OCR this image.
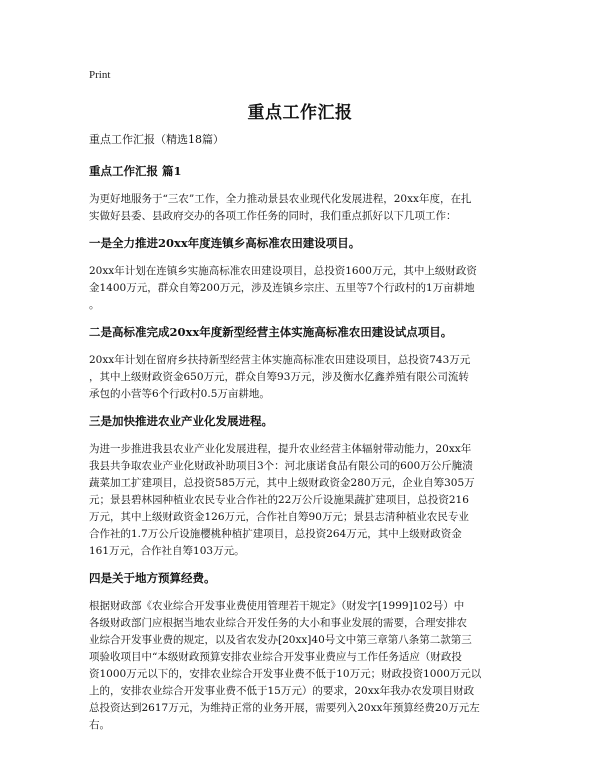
Print
重点工作汇报
重点工作汇报（精选18篇）
重点工作汇报 篇1
为更好地服务于“三农”工作，全力推动景县农业现代化发展进程，20xx年度，在扎
实做好县委、县政府交办的各项工作任务的同时，我们重点抓好以下几项工作：
一是全力推进20xx年度连镇乡高标准农田建设项目。
20xx年计划在连镇乡实施高标准农田建设项目，总投资1600万元，其中上级财政资
金1400万元，群众自筹200万元，涉及连镇乡宗庄、五里等7个行政村的1万亩耕地
。
二是高标准完成20xx年度新型经营主体实施高标准农田建设试点项目。
20xx年计划在留府乡扶持新型经营主体实施高标准农田建设项目，总投资743万元
，其中上级财政资金650万元，群众自筹93万元，涉及衡水亿鑫养殖有限公司流转
承包的小营等6个行政村0.5万亩耕地。
三是加快推进农业产业化发展进程。
为进一步推进我县农业产业化发展进程，提升农业经营主体辐射带动能力，20xx年
我县共争取农业产业化财政补助项目3个：河北康诺食品有限公司的600万公斤腌渍
蔬菜加工扩建项目，总投资585万元，其中上级财政资金280万元，企业自筹305万
元；景县碧林园种植业农民专业合作社的22万公斤设施果蔬扩建项目，总投资216
万元，其中上级财政资金126万元，合作社自筹90万元；景县志清种植业农民专业
合作社的1.7万公斤设施樱桃种植扩建项目，总投资264万元，其中上级财政资金
161万元，合作社自筹103万元。
四是关于地方预算经费。
根据财政部《农业综合开发事业费使用管理若干规定》（财发字[1999]102号）中
各级财政部门应根据当地农业综合开发任务的大小和事业发展的需要，合理安排农
业综合开发事业费的规定，以及省农发办[20xx]40号文中第三章第八条第二款第三
项验收项目中“本级财政预算安排农业综合开发事业费应与工作任务适应（财政投
资1000万元以下的，安排农业综合开发事业费不低于10万元；财政投资1000万元以
上的，安排农业综合开发事业费不低于15万元）的要求，20xx年我办农发项目财政
总投资达到2617万元，为维持正常的业务开展，需要列入20xx年预算经费20万元左
右。
